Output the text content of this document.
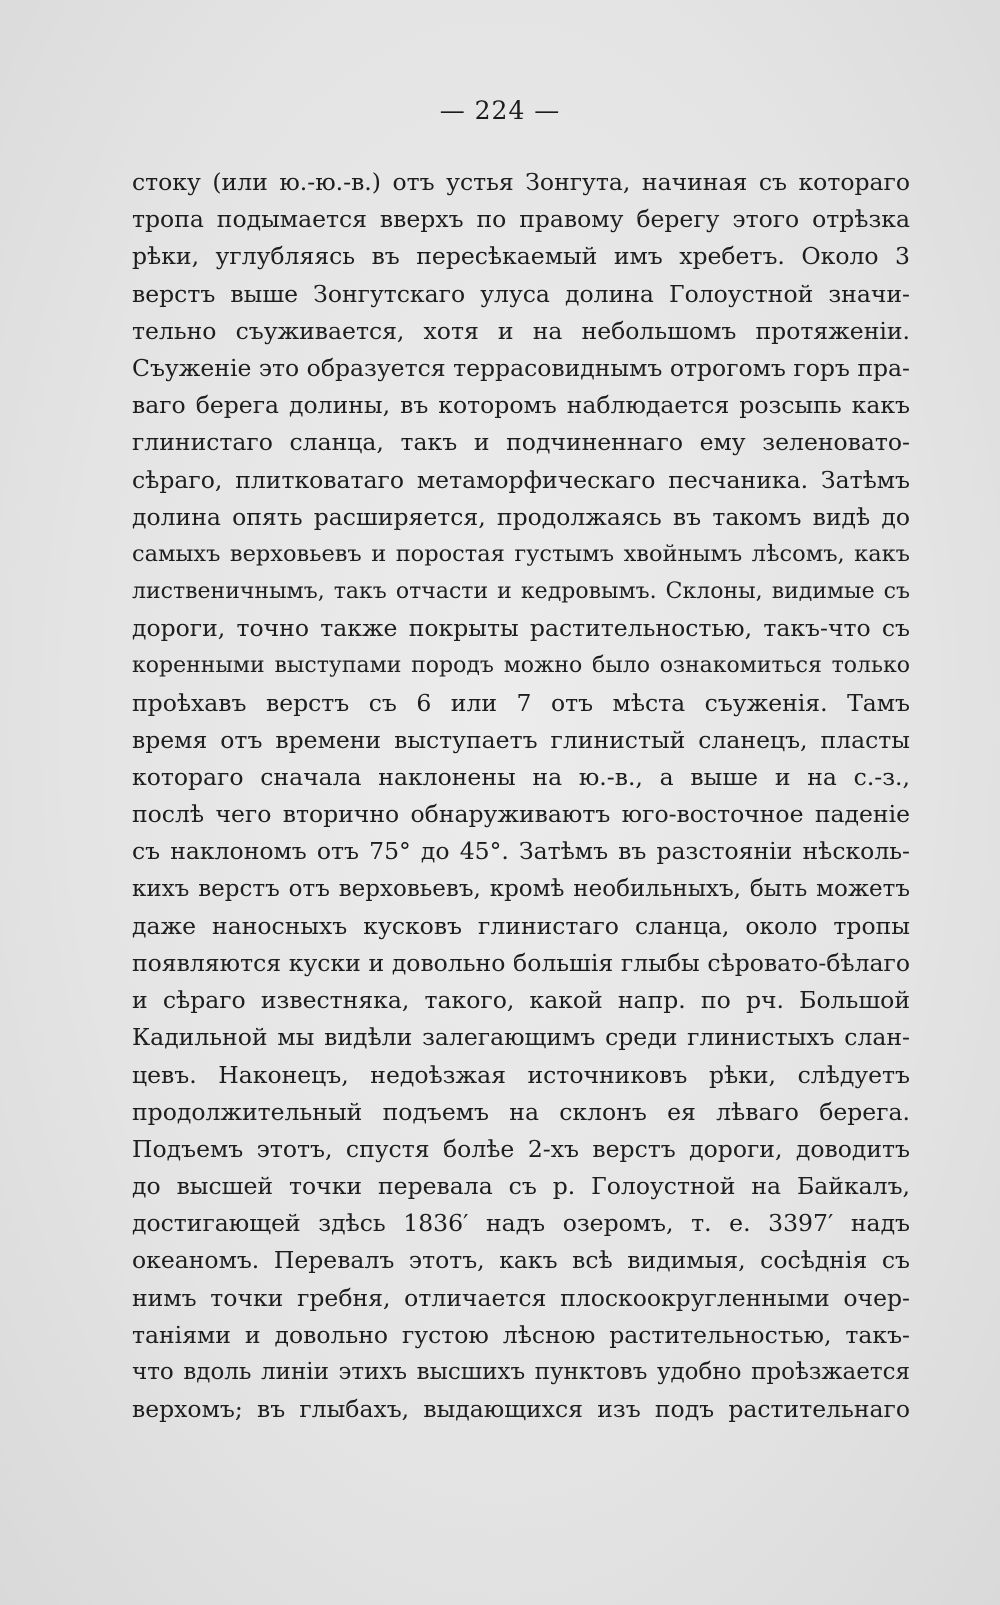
— 224 —
стоку (или ю.-ю.-в.) отъ устья Зонгута, начиная съ котораго
тропа подымается вверхъ по правому берегу этого отрѣзка
рѣки, углубляясь въ пересѣкаемый имъ хребетъ. Около 3
верстъ выше Зонгутскаго улуса долина Голоустной значи-
тельно съуживается, хотя и на небольшомъ протяженіи.
Съуженіе это образуется террасовиднымъ отрогомъ горъ пра-
ваго берега долины, въ которомъ наблюдается розсыпь какъ
глинистаго сланца, такъ и подчиненнаго ему зеленовато-
сѣраго, плитковатаго метаморфическаго песчаника. Затѣмъ
долина опять расширяется, продолжаясь въ такомъ видѣ до
самыхъ верховьевъ и поростая густымъ хвойнымъ лѣсомъ, какъ
лиственичнымъ, такъ отчасти и кедровымъ. Склоны, видимые съ
дороги, точно также покрыты растительностью, такъ-что съ
коренными выступами породъ можно было ознакомиться только
проѣхавъ верстъ съ 6 или 7 отъ мѣста съуженія. Тамъ
время отъ времени выступаетъ глинистый сланецъ, пласты
котораго сначала наклонены на ю.-в., а выше и на с.-з.,
послѣ чего вторично обнаруживаютъ юго-восточное паденіе
съ наклономъ отъ 75° до 45°. Затѣмъ въ разстояніи нѣсколь-
кихъ верстъ отъ верховьевъ, кромѣ необильныхъ, быть можетъ
даже наносныхъ кусковъ глинистаго сланца, около тропы
появляются куски и довольно большія глыбы сѣровато-бѣлаго
и сѣраго известняка, такого, какой напр. по рч. Большой
Кадильной мы видѣли залегающимъ среди глинистыхъ слан-
цевъ. Наконецъ, недоѣзжая источниковъ рѣки, слѣдуетъ
продолжительный подъемъ на склонъ ея лѣваго берега.
Подъемъ этотъ, спустя болѣе 2-хъ верстъ дороги, доводитъ
до высшей точки перевала съ р. Голоустной на Байкалъ,
достигающей здѣсь 1836′ надъ озеромъ, т. е. 3397′ надъ
океаномъ. Перевалъ этотъ, какъ всѣ видимыя, сосѣднія съ
нимъ точки гребня, отличается плоскоокругленными очер-
таніями и довольно густою лѣсною растительностью, такъ-
что вдоль линіи этихъ высшихъ пунктовъ удобно проѣзжается
верхомъ; въ глыбахъ, выдающихся изъ подъ растительнаго
